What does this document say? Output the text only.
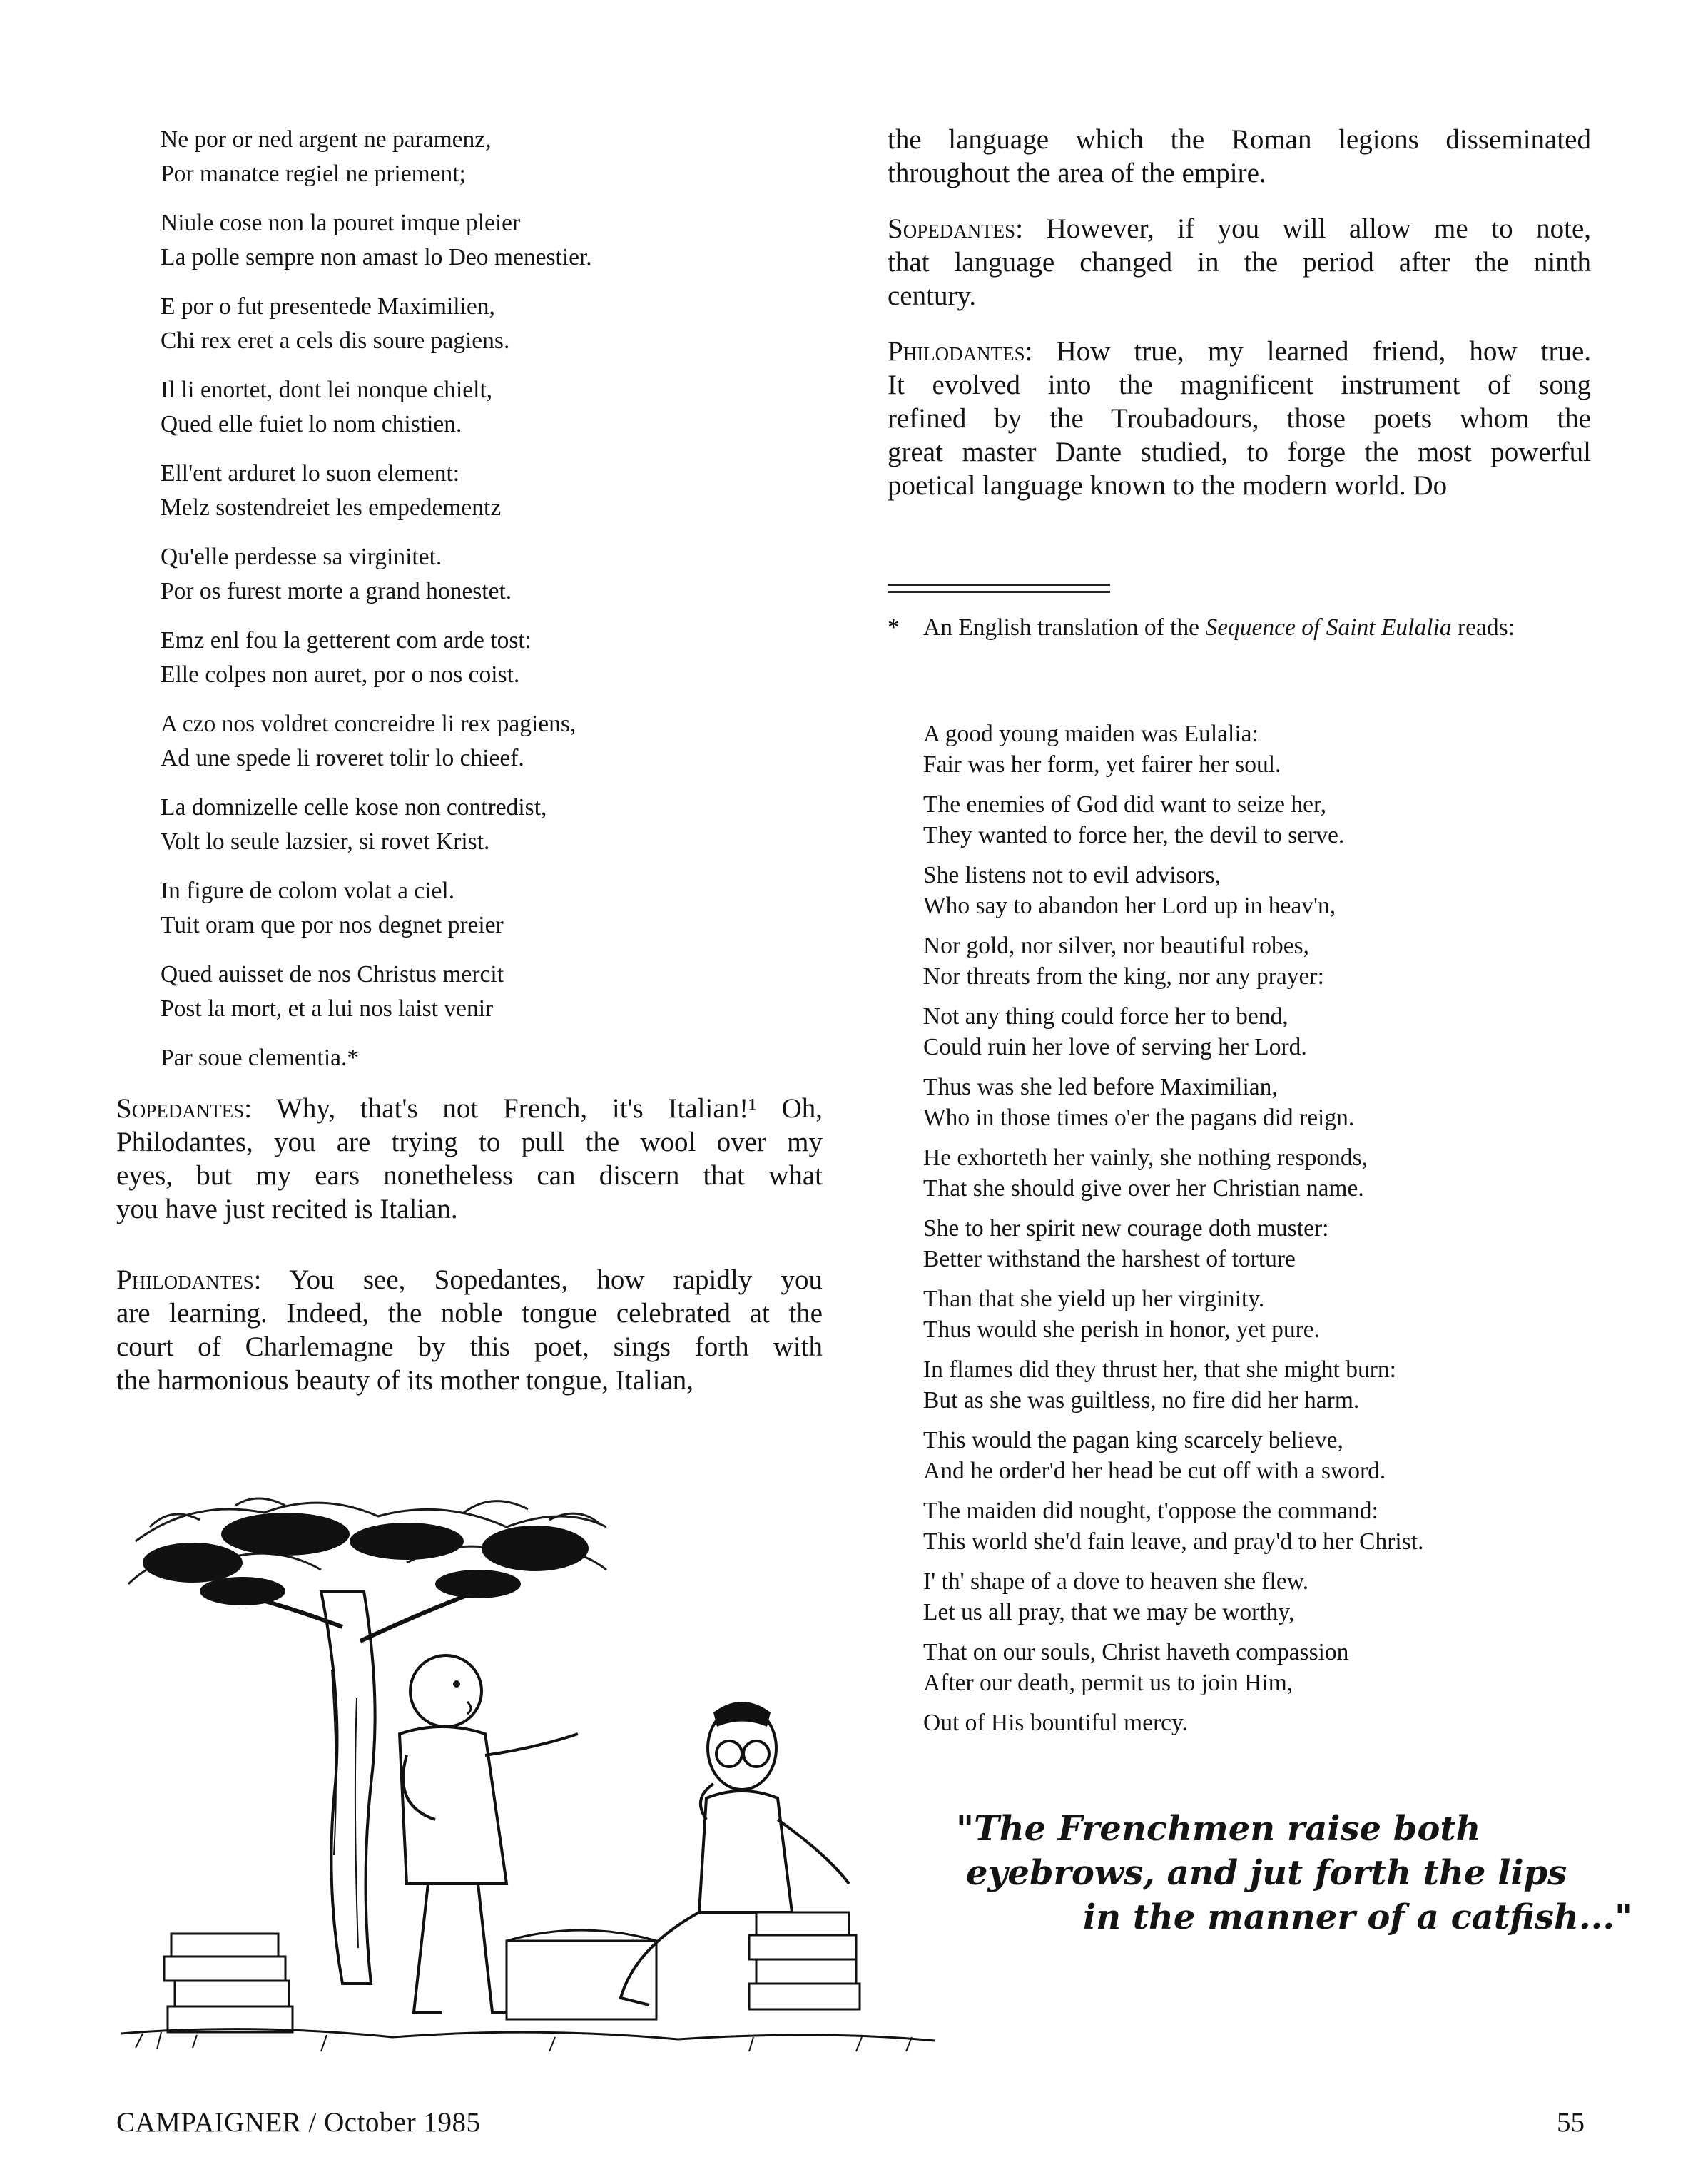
Ne por or ned argent ne paramenz,
Por manatce regiel ne priement;
Niule cose non la pouret imque pleier
La polle sempre non amast lo Deo menestier.
E por o fut presentede Maximilien,
Chi rex eret a cels dis soure pagiens.
Il li enortet, dont lei nonque chielt,
Qued elle fuiet lo nom chistien.
Ell'ent arduret lo suon element:
Melz sostendreiet les empedementz
Qu'elle perdesse sa virginitet.
Por os furest morte a grand honestet.
Emz enl fou la getterent com arde tost:
Elle colpes non auret, por o nos coist.
A czo nos voldret concreidre li rex pagiens,
Ad une spede li roveret tolir lo chieef.
La domnizelle celle kose non contredist,
Volt lo seule lazsier, si rovet Krist.
In figure de colom volat a ciel.
Tuit oram que por nos degnet preier
Qued auisset de nos Christus mercit
Post la mort, et a lui nos laist venir
Par soue clementia.*
Sopedantes: Why, that's not French, it's Italian!¹ Oh,
Philodantes, you are trying to pull the wool over my
eyes, but my ears nonetheless can discern that what
you have just recited is Italian.
Philodantes: You see, Sopedantes, how rapidly you
are learning. Indeed, the noble tongue celebrated at the
court of Charlemagne by this poet, sings forth with
the harmonious beauty of its mother tongue, Italian,
the language which the Roman legions disseminated
throughout the area of the empire.
Sopedantes: However, if you will allow me to note,
that language changed in the period after the ninth
century.
Philodantes: How true, my learned friend, how true.
It evolved into the magnificent instrument of song
refined by the Troubadours, those poets whom the
great master Dante studied, to forge the most powerful
poetical language known to the modern world. Do
* An English translation of the Sequence of Saint Eulalia reads:
A good young maiden was Eulalia:
Fair was her form, yet fairer her soul.
The enemies of God did want to seize her,
They wanted to force her, the devil to serve.
She listens not to evil advisors,
Who say to abandon her Lord up in heav'n,
Nor gold, nor silver, nor beautiful robes,
Nor threats from the king, nor any prayer:
Not any thing could force her to bend,
Could ruin her love of serving her Lord.
Thus was she led before Maximilian,
Who in those times o'er the pagans did reign.
He exhorteth her vainly, she nothing responds,
That she should give over her Christian name.
She to her spirit new courage doth muster:
Better withstand the harshest of torture
Than that she yield up her virginity.
Thus would she perish in honor, yet pure.
In flames did they thrust her, that she might burn:
But as she was guiltless, no fire did her harm.
This would the pagan king scarcely believe,
And he order'd her head be cut off with a sword.
The maiden did nought, t'oppose the command:
This world she'd fain leave, and pray'd to her Christ.
I' th' shape of a dove to heaven she flew.
Let us all pray, that we may be worthy,
That on our souls, Christ haveth compassion
After our death, permit us to join Him,
Out of His bountiful mercy.
"The Frenchmen raise both
eyebrows, and jut forth the lips
in the manner of a catfish..."
CAMPAIGNER / October 1985	55
